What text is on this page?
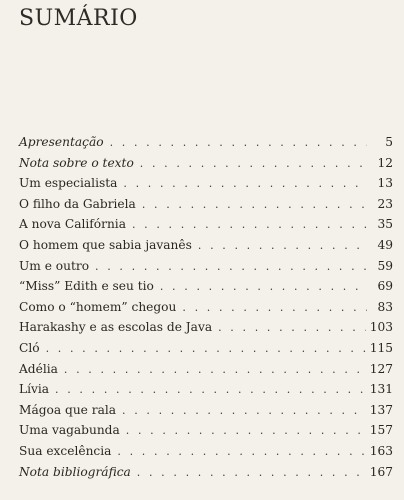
SUMÁRIO
Apresentação . . .	5
Nota sobre o texto . . .	12
Um especialista . . .	13
O filho da Gabriela . . .	23
A nova Califórnia . . .	35
O homem que sabia javanês . . .	49
Um e outro . . .	59
“Miss” Edith e seu tio . . .	69
Como o “homem” chegou . . .	83
Harakashy e as escolas de Java . . .	103
Cló . . .	115
Adélia . . .	127
Lívia . . .	131
Mágoa que rala . . .	137
Uma vagabunda . . .	157
Sua excelência . . .	163
Nota bibliográfica . . .	167
